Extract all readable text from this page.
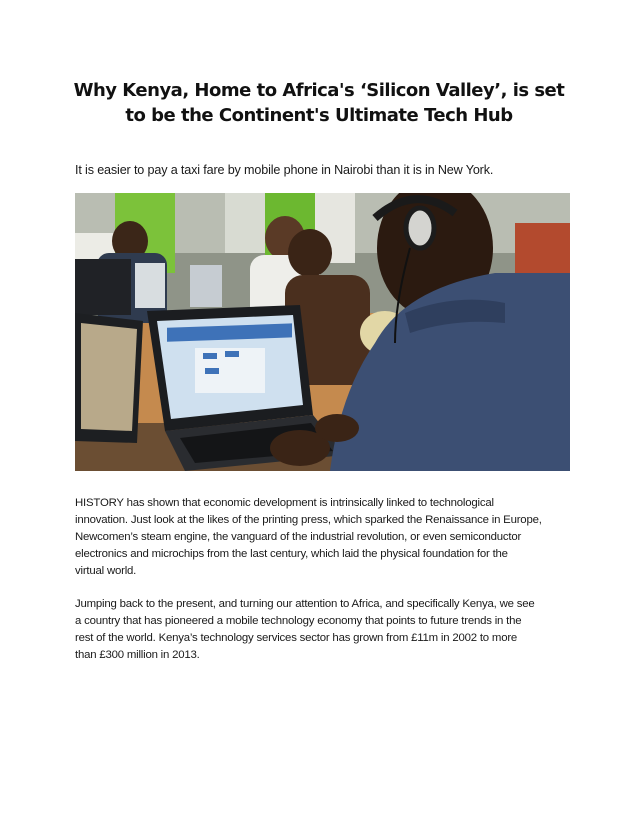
Why Kenya, Home to Africa's ‘Silicon Valley’, is set
to be the Continent's Ultimate Tech Hub
It is easier to pay a taxi fare by mobile phone in Nairobi than it is in New York.

HISTORY has shown that economic development is intrinsically linked to technological
innovation. Just look at the likes of the printing press, which sparked the Renaissance in Europe,
Newcomen’s steam engine, the vanguard of the industrial revolution, or even semiconductor
electronics and microchips from the last century, which laid the physical foundation for the
virtual world.

Jumping back to the present, and turning our attention to Africa, and specifically Kenya, we see
a country that has pioneered a mobile technology economy that points to future trends in the
rest of the world. Kenya’s technology services sector has grown from £11m in 2002 to more
than £300 million in 2013.
